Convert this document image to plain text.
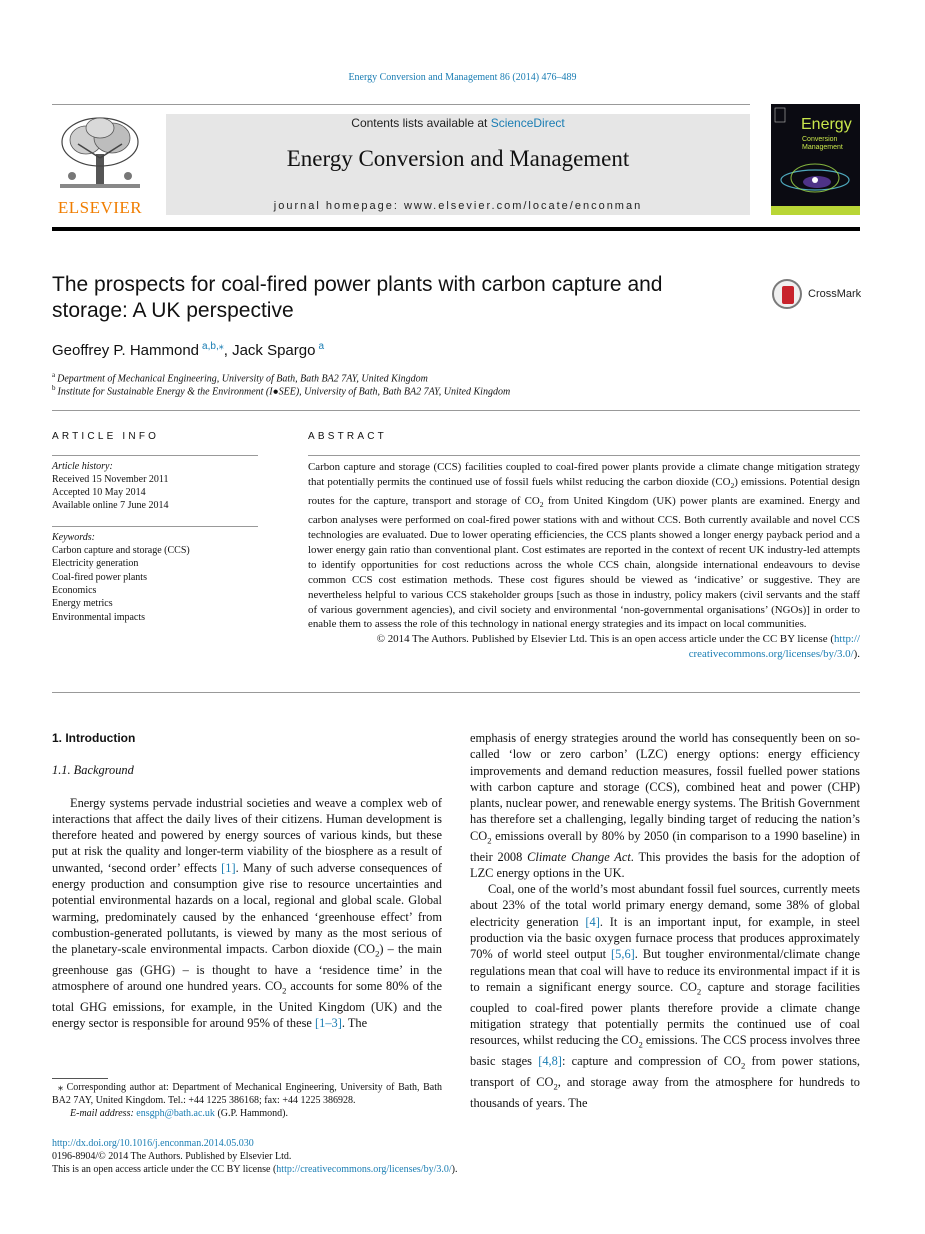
Energy Conversion and Management 86 (2014) 476–489
ELSEVIER
Contents lists available at ScienceDirect
Energy Conversion and Management
journal homepage: www.elsevier.com/locate/enconman
Energy
Conversion
Management
The prospects for coal-fired power plants with carbon capture and
storage: A UK perspective
CrossMark
Geoffrey P. Hammond  $^{a,b,⁎}$, Jack Spargo  $^a$
$^a$  Department of Mechanical Engineering, University of Bath, Bath BA2 7AY, United Kingdom
$^b$  Institute for Sustainable Energy & the Environment (I●SEE), University of Bath, Bath BA2 7AY, United Kingdom
ARTICLE INFO
Article history:
Received 15 November 2011
Accepted 10 May 2014
Available online 7 June 2014
Keywords:
Carbon capture and storage (CCS)
Electricity generation
Coal-fired power plants
Economics
Energy metrics
Environmental impacts
ABSTRACT

Carbon capture and storage (CCS) facilities coupled to coal-fired power plants provide a climate change mitigation strategy that potentially permits the continued use of fossil fuels whilst reducing the carbon dioxide $(CO_2)$ emissions. Potential design routes for the capture, transport and storage of $CO_2$ from United Kingdom (UK) power plants are examined. Energy and carbon analyses were performed on coal-fired power stations with and without CCS. Both currently available and novel CCS technologies are evaluated. Due to lower operating efficiencies, the CCS plants showed a longer energy payback period and a lower energy gain ratio than conventional plant. Cost estimates are reported in the context of recent UK industry-led attempts to identify opportunities for cost reductions across the whole CCS chain, alongside international endeavours to devise common CCS cost estimation methods. These cost figures should be viewed as ‘indicative’ or suggestive. They are nevertheless helpful to various CCS stakeholder groups [such as those in industry, policy makers (civil servants and the staff of various government agencies), and civil society and environmental ‘non-governmental organisations’ (NGOs)] in order to enable them to assess the role of this technology in national energy strategies and its impact on local communities.

© 2014 The Authors. Published by Elsevier Ltd. This is an open access article under the CC BY license (http://
creativecommons.org/licenses/by/3.0/).

1. Introduction

1.1. Background

Energy systems pervade industrial societies and weave a complex web of interactions that affect the daily lives of their citizens. Human development is therefore heated and powered by energy sources of various kinds, but these put at risk the quality and longer-term viability of the biosphere as a result of unwanted, ‘second order’ effects [1]. Many of such adverse consequences of energy production and consumption give rise to resource uncertainties and potential environmental hazards on a local, regional and global scale. Global warming, predominately caused by the enhanced ‘greenhouse effect’ from combustion-generated pollutants, is viewed by many as the most serious of the planetary-scale environmental impacts. Carbon dioxide $(CO_2)$ – the main greenhouse gas (GHG) – is thought to have a ‘residence time’ in the atmosphere of around one hundred years. $CO_2$ accounts for some 80% of the total GHG emissions, for example, in the United Kingdom (UK) and the energy sector is responsible for around 95% of these [1–3]. The

emphasis of energy strategies around the world has consequently been on so-called ‘low or zero carbon’ (LZC) energy options: energy efficiency improvements and demand reduction measures, fossil fuelled power stations with carbon capture and storage (CCS), combined heat and power (CHP) plants, nuclear power, and renewable energy systems. The British Government has therefore set a challenging, legally binding target of reducing the nation’s $CO_2$ emissions overall by 80% by 2050 (in comparison to a 1990 baseline) in their 2008 Climate Change Act. This provides the basis for the adoption of LZC energy options in the UK.

Coal, one of the world’s most abundant fossil fuel sources, currently meets about 23% of the total world primary energy demand, some 38% of global electricity generation [4]. It is an important input, for example, in steel production via the basic oxygen furnace process that produces approximately 70% of world steel output [5,6]. But tougher environmental/climate change regulations mean that coal will have to reduce its environmental impact if it is to remain a significant energy source. $CO_2$ capture and storage facilities coupled to coal-fired power plants therefore provide a climate change mitigation strategy that potentially permits the continued use of coal resources, whilst reducing the $CO_2$ emissions. The CCS process involves three basic stages [4,8]: capture and compression of $CO_2$ from power stations, transport of $CO_2$, and storage away from the atmosphere for hundreds to thousands of years. The

⁎ Corresponding author at: Department of Mechanical Engineering, University of Bath, Bath BA2 7AY, United Kingdom. Tel.: +44 1225 386168; fax: +44 1225 386928.
E-mail address: ensgph@bath.ac.uk (G.P. Hammond).
http://dx.doi.org/10.1016/j.enconman.2014.05.030
0196-8904/© 2014 The Authors. Published by Elsevier Ltd.
This is an open access article under the CC BY license (http://creativecommons.org/licenses/by/3.0/).
